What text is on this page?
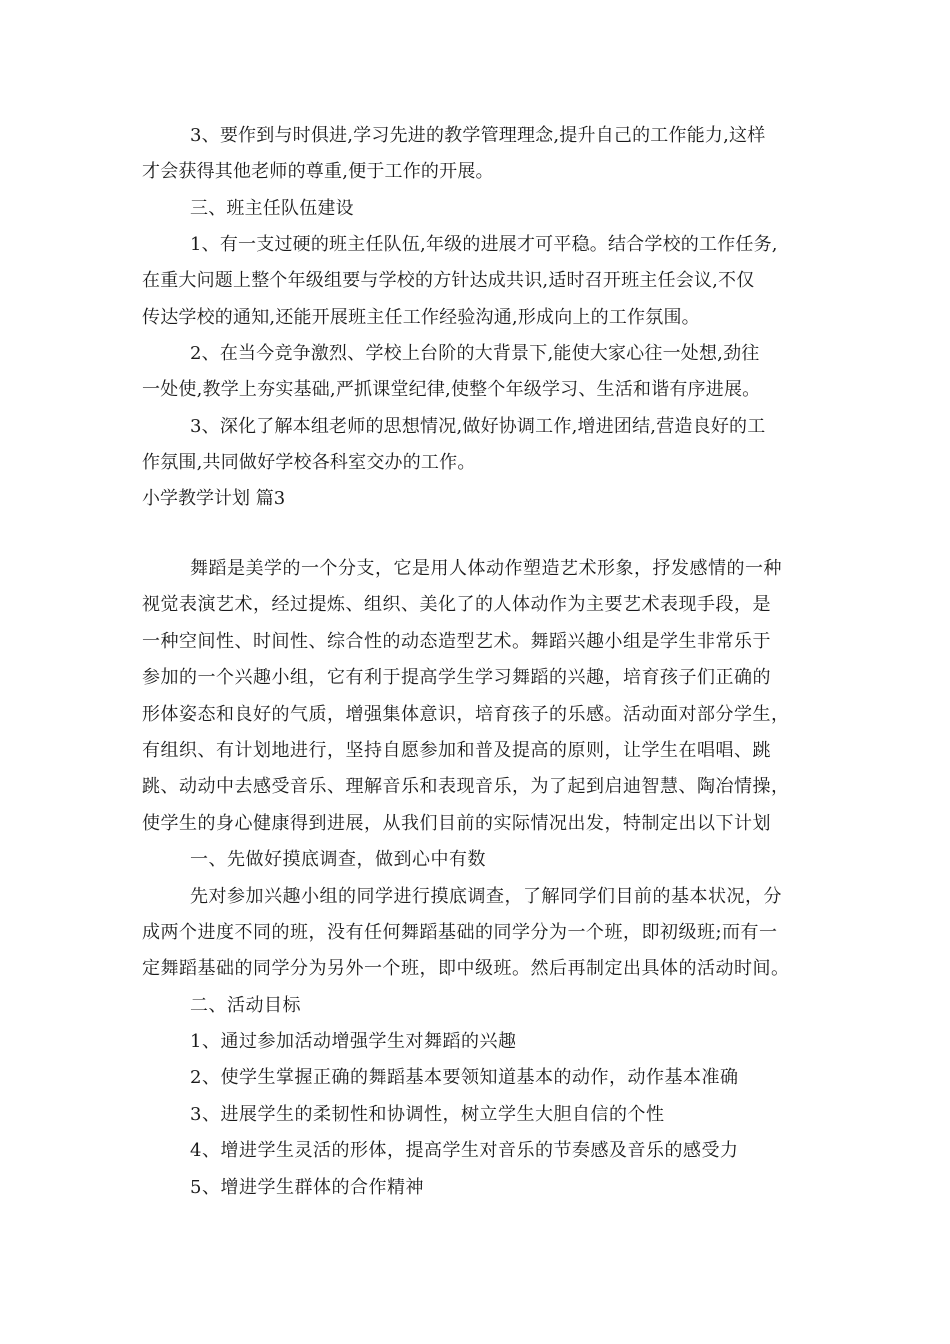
3、要作到与时俱进,学习先进的教学管理理念,提升自己的工作能力,这样
才会获得其他老师的尊重,便于工作的开展。
三、班主任队伍建设
1、有一支过硬的班主任队伍,年级的进展才可平稳。结合学校的工作任务,
在重大问题上整个年级组要与学校的方针达成共识,适时召开班主任会议,不仅
传达学校的通知,还能开展班主任工作经验沟通,形成向上的工作氛围。
2、在当今竞争激烈、学校上台阶的大背景下,能使大家心往一处想,劲往
一处使,教学上夯实基础,严抓课堂纪律,使整个年级学习、生活和谐有序进展。
3、深化了解本组老师的思想情况,做好协调工作,增进团结,营造良好的工
作氛围,共同做好学校各科室交办的工作。
小学教学计划 篇3
舞蹈是美学的一个分支，它是用人体动作塑造艺术形象，抒发感情的一种
视觉表演艺术，经过提炼、组织、美化了的人体动作为主要艺术表现手段，是
一种空间性、时间性、综合性的动态造型艺术。舞蹈兴趣小组是学生非常乐于
参加的一个兴趣小组，它有利于提高学生学习舞蹈的兴趣，培育孩子们正确的
形体姿态和良好的气质，增强集体意识，培育孩子的乐感。活动面对部分学生，
有组织、有计划地进行，坚持自愿参加和普及提高的原则，让学生在唱唱、跳
跳、动动中去感受音乐、理解音乐和表现音乐，为了起到启迪智慧、陶冶情操，
使学生的身心健康得到进展，从我们目前的实际情况出发，特制定出以下计划
一、先做好摸底调查，做到心中有数
先对参加兴趣小组的同学进行摸底调查，了解同学们目前的基本状况，分
成两个进度不同的班，没有任何舞蹈基础的同学分为一个班，即初级班;而有一
定舞蹈基础的同学分为另外一个班，即中级班。然后再制定出具体的活动时间。
二、活动目标
1、通过参加活动增强学生对舞蹈的兴趣
2、使学生掌握正确的舞蹈基本要领知道基本的动作，动作基本准确
3、进展学生的柔韧性和协调性，树立学生大胆自信的个性
4、增进学生灵活的形体，提高学生对音乐的节奏感及音乐的感受力
5、增进学生群体的合作精神
